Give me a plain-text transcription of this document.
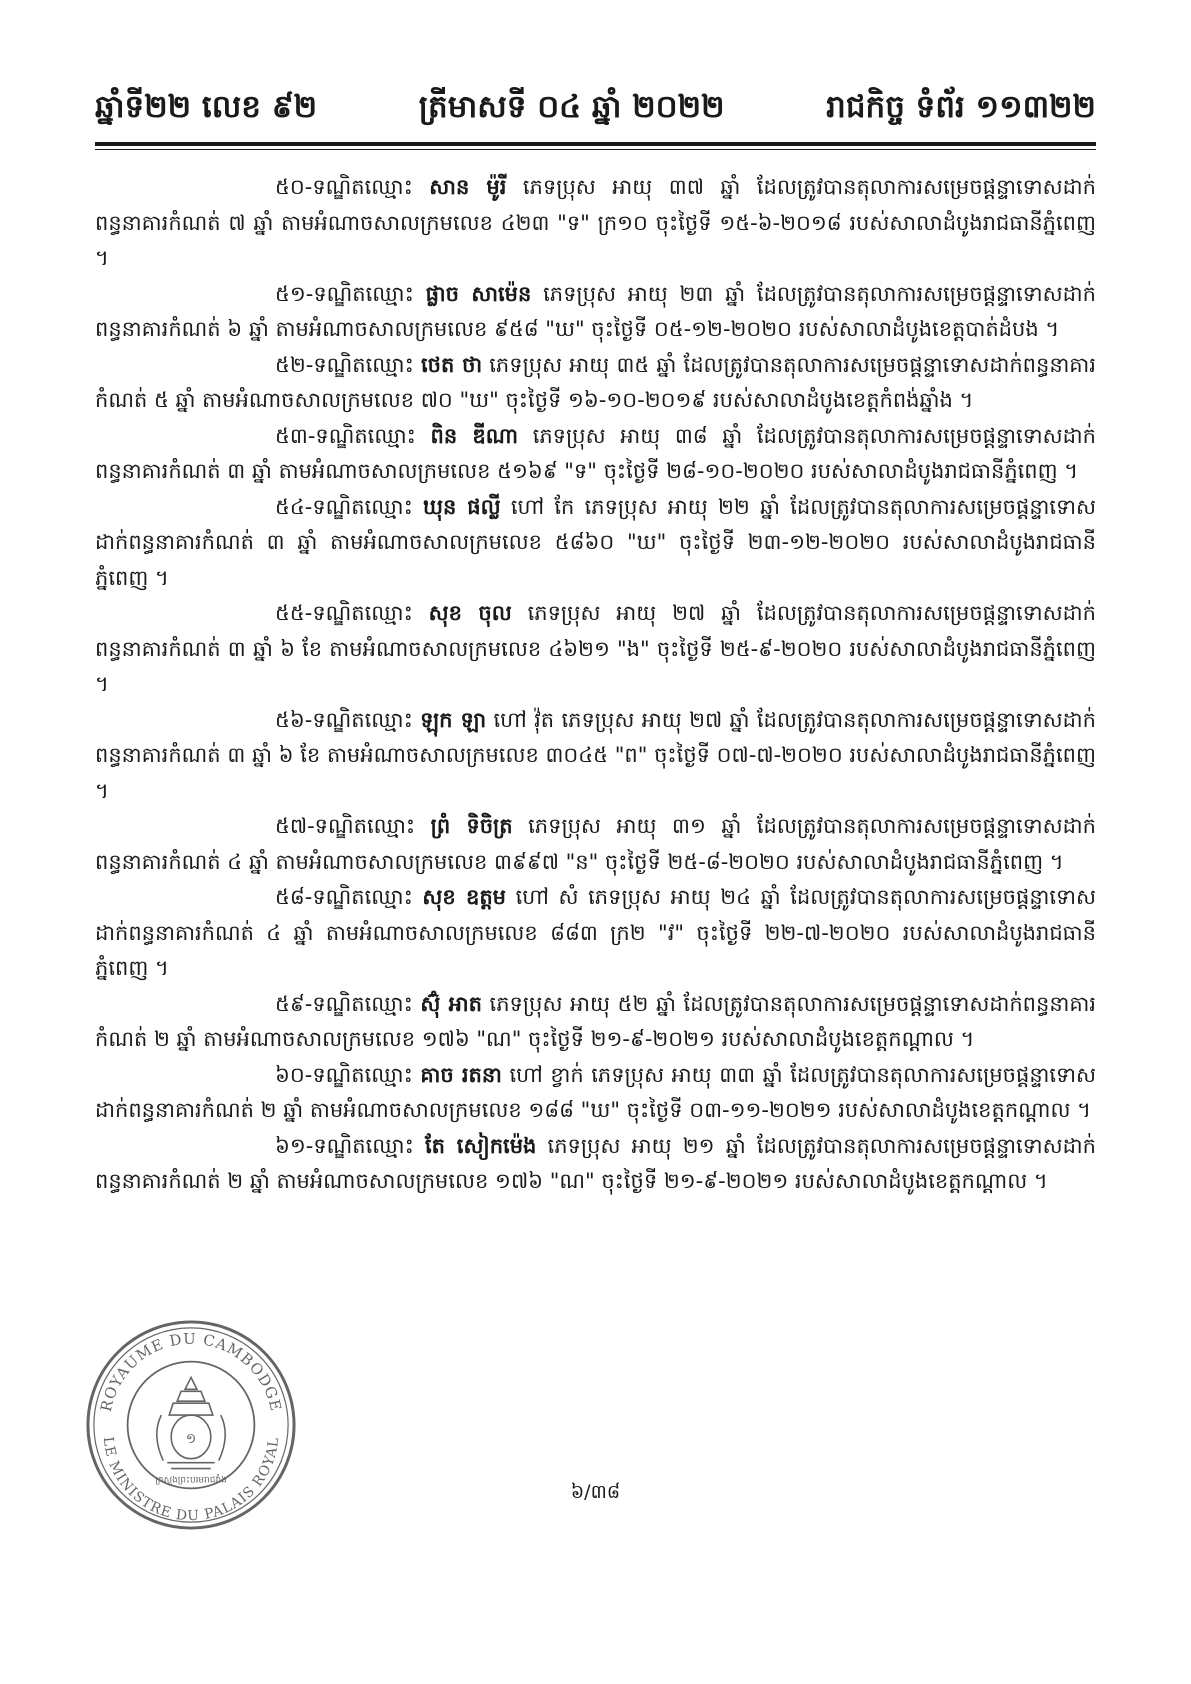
ឆ្នាំទី២២ លេខ ៩២	ត្រីមាសទី ០៤ ឆ្នាំ ២០២២	រាជកិច្ច ទំព័រ ១១៣២២

៥០-ទណ្ឌិតឈ្មោះ សាន ម៉ូរី ភេទប្រុស អាយុ ៣៧ ឆ្នាំ ដែលត្រូវបានតុលាការសម្រេចផ្ដន្ទាទោសដាក់ពន្ធនាគារកំណត់ ៧ ឆ្នាំ តាមអំណាចសាលក្រមលេខ ៤២៣ "ទ" ក្រ១០ ចុះថ្ងៃទី ១៥-៦-២០១៨ របស់សាលាដំបូងរាជធានីភ្នំពេញ ។

៥១-ទណ្ឌិតឈ្មោះ ផ្លាច សាម៉េន ភេទប្រុស អាយុ ២៣ ឆ្នាំ ដែលត្រូវបានតុលាការសម្រេចផ្ដន្ទាទោសដាក់ពន្ធនាគារកំណត់ ៦ ឆ្នាំ តាមអំណាចសាលក្រមលេខ ៩៥៨ "ឃ" ចុះថ្ងៃទី ០៥-១២-២០២០ របស់សាលាដំបូងខេត្តបាត់ដំបង ។

៥២-ទណ្ឌិតឈ្មោះ ថេត ថា ភេទប្រុស អាយុ ៣៥ ឆ្នាំ ដែលត្រូវបានតុលាការសម្រេចផ្ដន្ទាទោសដាក់ពន្ធនាគារកំណត់ ៥ ឆ្នាំ តាមអំណាចសាលក្រមលេខ ៧០ "ឃ" ចុះថ្ងៃទី ១៦-១០-២០១៩ របស់សាលាដំបូងខេត្តកំពង់ឆ្នាំង ។

៥៣-ទណ្ឌិតឈ្មោះ ពិន ឌីណា ភេទប្រុស អាយុ ៣៨ ឆ្នាំ ដែលត្រូវបានតុលាការសម្រេចផ្ដន្ទាទោសដាក់ពន្ធនាគារកំណត់ ៣ ឆ្នាំ តាមអំណាចសាលក្រមលេខ ៥១៦៩ "ទ" ចុះថ្ងៃទី ២៨-១០-២០២០ របស់សាលាដំបូងរាជធានីភ្នំពេញ ។

៥៤-ទណ្ឌិតឈ្មោះ ឃុន ផល្លី ហៅ កែ ភេទប្រុស អាយុ ២២ ឆ្នាំ ដែលត្រូវបានតុលាការសម្រេចផ្ដន្ទាទោសដាក់ពន្ធនាគារកំណត់ ៣ ឆ្នាំ តាមអំណាចសាលក្រមលេខ ៥៨៦០ "ឃ" ចុះថ្ងៃទី ២៣-១២-២០២០ របស់សាលាដំបូងរាជធានីភ្នំពេញ ។

៥៥-ទណ្ឌិតឈ្មោះ សុខ ចុល ភេទប្រុស អាយុ ២៧ ឆ្នាំ ដែលត្រូវបានតុលាការសម្រេចផ្ដន្ទាទោសដាក់ពន្ធនាគារកំណត់ ៣ ឆ្នាំ ៦ ខែ តាមអំណាចសាលក្រមលេខ ៤៦២១ "ង" ចុះថ្ងៃទី ២៥-៩-២០២០ របស់សាលាដំបូងរាជធានីភ្នំពេញ ។

៥៦-ទណ្ឌិតឈ្មោះ ឡុក ឡា ហៅ វ៉ុត ភេទប្រុស អាយុ ២៧ ឆ្នាំ ដែលត្រូវបានតុលាការសម្រេចផ្ដន្ទាទោសដាក់ពន្ធនាគារកំណត់ ៣ ឆ្នាំ ៦ ខែ តាមអំណាចសាលក្រមលេខ ៣០៤៥ "ព" ចុះថ្ងៃទី ០៧-៧-២០២០ របស់សាលាដំបូងរាជធានីភ្នំពេញ ។

៥៧-ទណ្ឌិតឈ្មោះ ព្រំ ទិចិត្រ ភេទប្រុស អាយុ ៣១ ឆ្នាំ ដែលត្រូវបានតុលាការសម្រេចផ្ដន្ទាទោសដាក់ពន្ធនាគារកំណត់ ៤ ឆ្នាំ តាមអំណាចសាលក្រមលេខ ៣៩៩៧ "ន" ចុះថ្ងៃទី ២៥-៨-២០២០ របស់សាលាដំបូងរាជធានីភ្នំពេញ ។

៥៨-ទណ្ឌិតឈ្មោះ សុខ ឧត្ដម ហៅ សំ ភេទប្រុស អាយុ ២៤ ឆ្នាំ ដែលត្រូវបានតុលាការសម្រេចផ្ដន្ទាទោសដាក់ពន្ធនាគារកំណត់ ៤ ឆ្នាំ តាមអំណាចសាលក្រមលេខ ៨៨៣ ក្រ២ "វ" ចុះថ្ងៃទី ២២-៧-២០២០ របស់សាលាដំបូងរាជធានីភ្នំពេញ ។

៥៩-ទណ្ឌិតឈ្មោះ ស៊ុំ អាត ភេទប្រុស អាយុ ៥២ ឆ្នាំ ដែលត្រូវបានតុលាការសម្រេចផ្ដន្ទាទោសដាក់ពន្ធនាគារកំណត់ ២ ឆ្នាំ តាមអំណាចសាលក្រមលេខ ១៧៦ "ណ" ចុះថ្ងៃទី ២១-៩-២០២១ របស់សាលាដំបូងខេត្តកណ្ដាល ។

៦០-ទណ្ឌិតឈ្មោះ គាច រតនា ហៅ ខ្វាក់ ភេទប្រុស អាយុ ៣៣ ឆ្នាំ ដែលត្រូវបានតុលាការសម្រេចផ្ដន្ទាទោសដាក់ពន្ធនាគារកំណត់ ២ ឆ្នាំ តាមអំណាចសាលក្រមលេខ ១៨៨ "ឃ" ចុះថ្ងៃទី ០៣-១១-២០២១ របស់សាលាដំបូងខេត្តកណ្ដាល ។

៦១-ទណ្ឌិតឈ្មោះ តែ សៀកម៉េង ភេទប្រុស អាយុ ២១ ឆ្នាំ ដែលត្រូវបានតុលាការសម្រេចផ្ដន្ទាទោសដាក់ពន្ធនាគារកំណត់ ២ ឆ្នាំ តាមអំណាចសាលក្រមលេខ ១៧៦ "ណ" ចុះថ្ងៃទី ២១-៩-២០២១ របស់សាលាដំបូងខេត្តកណ្ដាល ។

៦/៣៨
ROYAUME DU CAMBODGE
LE MINISTRE DU PALAIS ROYAL
១
ក្រសួងព្រះបរមរាជវាំង
